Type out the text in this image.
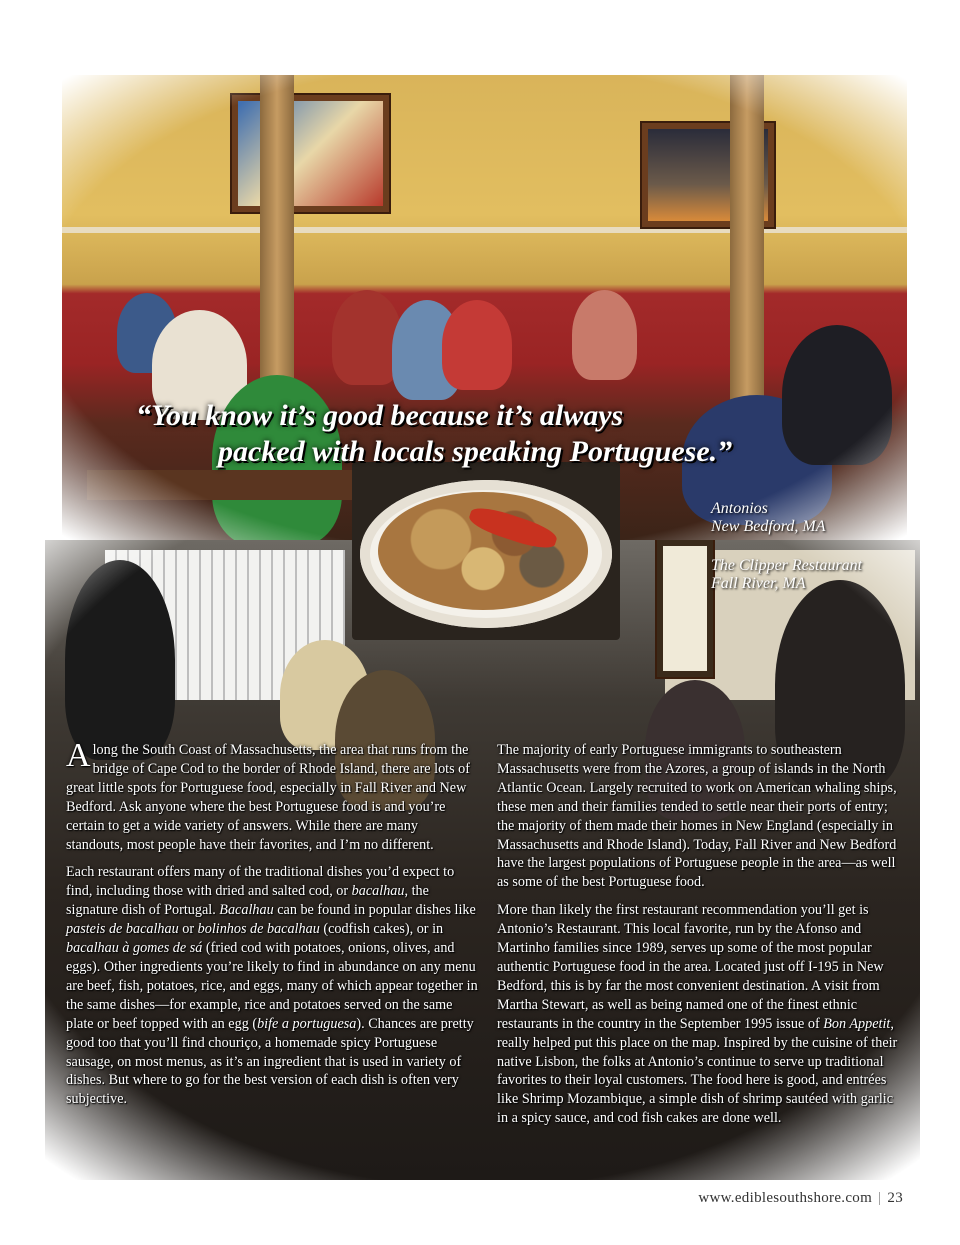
“You know it’s good because it’s always
packed with locals speaking Portuguese.”
Antonios
New Bedford, MA
The Clipper Restaurant
Fall River, MA

Along the South Coast of Massachusetts, the area that runs from the bridge of Cape Cod to the border of Rhode Island, there are lots of great little spots for Portuguese food, especially in Fall River and New Bedford. Ask anyone where the best Portuguese food is and you’re certain to get a wide variety of answers. While there are many standouts, most people have their favorites, and I’m no different.

Each restaurant offers many of the traditional dishes you’d expect to find, including those with dried and salted cod, or bacalhau, the signature dish of Portugal. Bacalhau can be found in popular dishes like pasteis de bacalhau or bolinhos de bacalhau (codfish cakes), or in bacalhau à gomes de sá (fried cod with potatoes, onions, olives, and eggs). Other ingredients you’re likely to find in abundance on any menu are beef, fish, potatoes, rice, and eggs, many of which appear together in the same dishes—for example, rice and potatoes served on the same plate or beef topped with an egg (bife a portuguesa). Chances are pretty good too that you’ll find chouriço, a homemade spicy Portuguese sausage, on most menus, as it’s an ingredient that is used in variety of dishes. But where to go for the best version of each dish is often very subjective.

The majority of early Portuguese immigrants to southeastern Massachusetts were from the Azores, a group of islands in the North Atlantic Ocean. Largely recruited to work on American whaling ships, these men and their families tended to settle near their ports of entry; the majority of them made their homes in New England (especially in Massachusetts and Rhode Island). Today, Fall River and New Bedford have the largest populations of Portuguese people in the area—as well as some of the best Portuguese food.

More than likely the first restaurant recommendation you’ll get is Antonio’s Restaurant. This local favorite, run by the Afonso and Martinho families since 1989, serves up some of the most popular authentic Portuguese food in the area. Located just off I-195 in New Bedford, this is by far the most convenient destination. A visit from Martha Stewart, as well as being named one of the finest ethnic restaurants in the country in the September 1995 issue of Bon Appetit, really helped put this place on the map. Inspired by the cuisine of their native Lisbon, the folks at Antonio’s continue to serve up traditional favorites to their loyal customers. The food here is good, and entrées like Shrimp Mozambique, a simple dish of shrimp sautéed with garlic in a spicy sauce, and cod fish cakes are done well.

www.ediblesouthshore.com | 23
